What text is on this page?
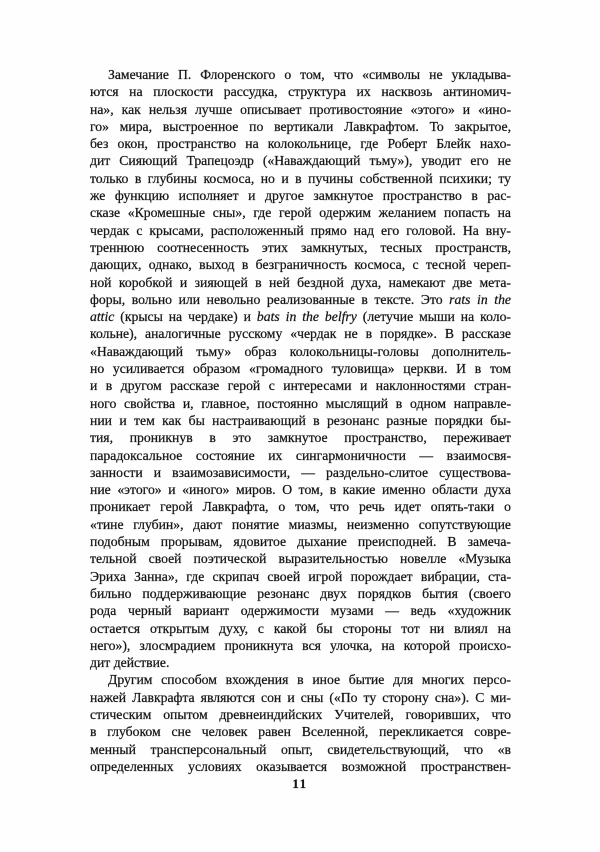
Замечание П. Флоренского о том, что «символы не укладыва-
ются на плоскости рассудка, структура их насквозь антиномич-
на», как нельзя лучше описывает противостояние «этого» и «ино-
го» мира, выстроенное по вертикали Лавкрафтом. То закрытое,
без окон, пространство на колокольнице, где Роберт Блейк нахо-
дит Сияющий Трапецоэдр («Наваждающий тьму»), уводит его не
только в глубины космоса, но и в пучины собственной психики; ту
же функцию исполняет и другое замкнутое пространство в рас-
сказе «Кромешные сны», где герой одержим желанием попасть на
чердак с крысами, расположенный прямо над его головой. На вну-
треннюю соотнесенность этих замкнутых, тесных пространств,
дающих, однако, выход в безграничность космоса, с тесной череп-
ной коробкой и зияющей в ней бездной духа, намекают две мета-
форы, вольно или невольно реализованные в тексте. Это rats in the
attic (крысы на чердаке) и bats in the belfry (летучие мыши на коло-
кольне), аналогичные русскому «чердак не в порядке». В рассказе
«Наваждающий тьму» образ колокольницы-головы дополнитель-
но усиливается образом «громадного туловища» церкви. И в том
и в другом рассказе герой с интересами и наклонностями стран-
ного свойства и, главное, постоянно мыслящий в одном направле-
нии и тем как бы настраивающий в резонанс разные порядки бы-
тия, проникнув в это замкнутое пространство, переживает
парадоксальное состояние их сингармоничности — взаимосвя-
занности и взаимозависимости, — раздельно-слитое существова-
ние «этого» и «иного» миров. О том, в какие именно области духа
проникает герой Лавкрафта, о том, что речь идет опять-таки о
«тине глубин», дают понятие миазмы, неизменно сопутствующие
подобным прорывам, ядовитое дыхание преисподней. В замеча-
тельной своей поэтической выразительностью новелле «Музыка
Эриха Занна», где скрипач своей игрой порождает вибрации, ста-
бильно поддерживающие резонанс двух порядков бытия (своего
рода черный вариант одержимости музами — ведь «художник
остается открытым духу, с какой бы стороны тот ни влиял на
него»), злосмрадием проникнута вся улочка, на которой происхо-
дит действие.
Другим способом вхождения в иное бытие для многих персо-
нажей Лавкрафта являются сон и сны («По ту сторону сна»). С ми-
стическим опытом древнеиндийских Учителей, говоривших, что
в глубоком сне человек равен Вселенной, перекликается совре-
менный трансперсональный опыт, свидетельствующий, что «в
определенных условиях оказывается возможной пространствен-
11
